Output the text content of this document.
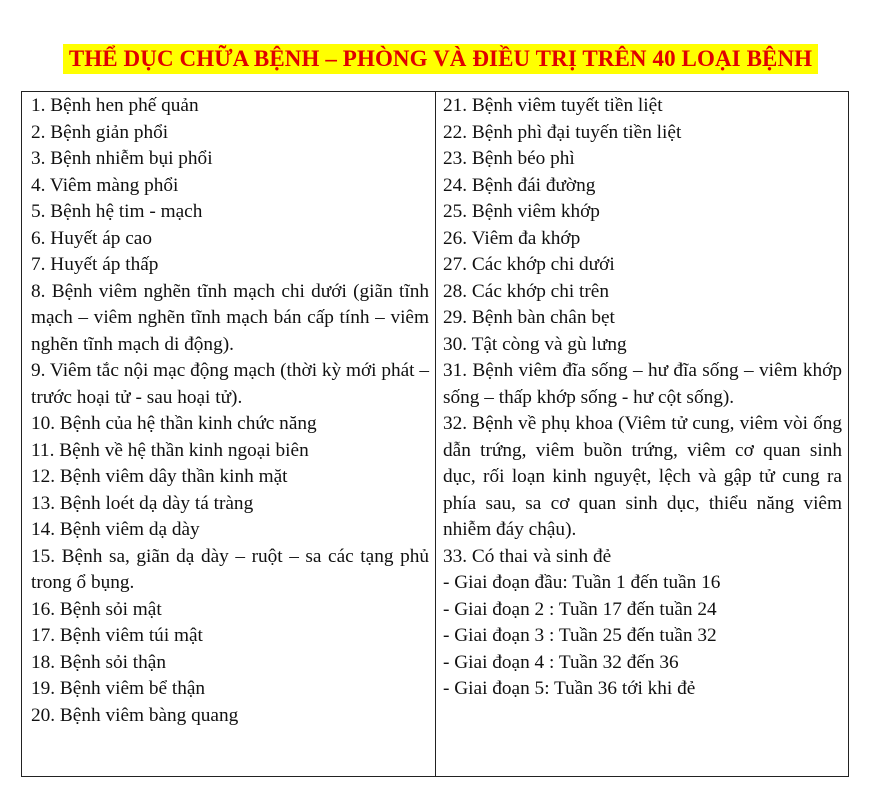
THỂ DỤC CHỮA BỆNH – PHÒNG VÀ ĐIỀU TRỊ TRÊN 40 LOẠI BỆNH

1. Bệnh hen phế quản

2. Bệnh giản phổi

3. Bệnh nhiễm bụi phổi

4. Viêm màng phổi

5. Bệnh hệ tim - mạch

6. Huyết áp cao

7. Huyết áp thấp

8. Bệnh viêm nghẽn tĩnh mạch chi dưới (giãn tĩnh mạch – viêm nghẽn tĩnh mạch bán cấp tính – viêm nghẽn tĩnh mạch di động).

9. Viêm tắc nội mạc động mạch (thời kỳ mới phát – trước hoại tử - sau hoại tử).

10. Bệnh của hệ thần kinh chức năng

11. Bệnh về hệ thần kinh ngoại biên

12. Bệnh viêm dây thần kinh mặt

13. Bệnh loét dạ dày tá tràng

14. Bệnh viêm dạ dày

15. Bệnh sa, giãn dạ dày – ruột – sa các tạng phủ trong ổ bụng.

16. Bệnh sỏi mật

17. Bệnh viêm túi mật

18. Bệnh sỏi thận

19. Bệnh viêm bể thận

20. Bệnh viêm bàng quang

21. Bệnh viêm tuyết tiền liệt

22. Bệnh phì đại tuyến tiền liệt

23. Bệnh béo phì

24. Bệnh đái đường

25. Bệnh viêm khớp

26. Viêm đa khớp

27. Các khớp chi dưới

28. Các khớp chi trên

29. Bệnh bàn chân bẹt

30. Tật còng và gù lưng

31. Bệnh viêm đĩa sống – hư đĩa sống – viêm khớp sống – thấp khớp sống - hư cột sống).

32. Bệnh về phụ khoa (Viêm tử cung, viêm vòi ống dẫn trứng, viêm buồn trứng, viêm cơ quan sinh dục, rối loạn kinh nguyệt, lệch và gập tử cung ra phía sau, sa cơ quan sinh dục, thiểu năng viêm nhiễm đáy chậu).

33. Có thai và sinh đẻ

- Giai đoạn đầu: Tuần 1 đến tuần 16

- Giai đoạn 2 : Tuần 17 đến tuần 24

- Giai đoạn 3 : Tuần 25 đến tuần 32

- Giai đoạn 4 : Tuần 32 đến 36

- Giai đoạn 5: Tuần 36 tới khi đẻ
